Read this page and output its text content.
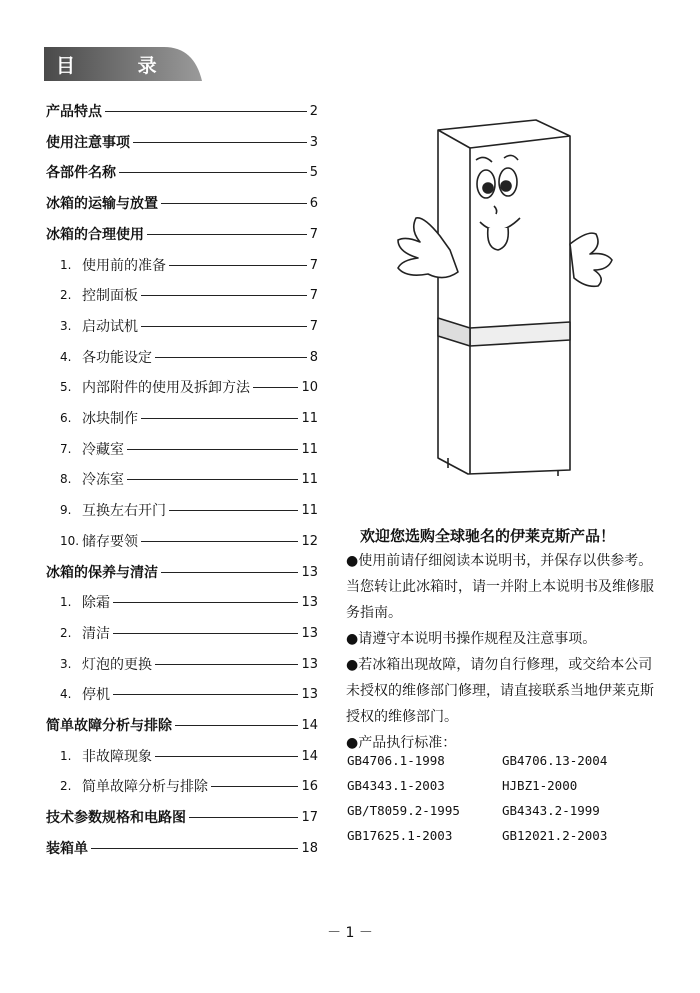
目 录
产品特点	2
使用注意事项	3
各部件名称	5
冰箱的运输与放置	6
冰箱的合理使用	7
1. 使用前的准备	7
2. 控制面板	7
3. 启动试机	7
4. 各功能设定	8
5. 内部附件的使用及拆卸方法	10
6. 冰块制作	11
7. 冷藏室	11
8. 冷冻室	11
9. 互换左右开门	11
10. 储存要领	12
冰箱的保养与清洁	13
1. 除霜	13
2. 清洁	13
3. 灯泡的更换	13
4. 停机	13
简单故障分析与排除	14
1. 非故障现象	14
2. 简单故障分析与排除	16
技术参数规格和电路图	17
装箱单	18
欢迎您选购全球驰名的伊莱克斯产品！
●使用前请仔细阅读本说明书，并保存以供参考。当您转让此冰箱时，请一并附上本说明书及维修服务指南。
●请遵守本说明书操作规程及注意事项。
●若冰箱出现故障，请勿自行修理，或交给本公司未授权的维修部门修理，请直接联系当地伊莱克斯授权的维修部门。
●产品执行标准：
GB4706.1-1998	GB4706.13-2004
GB4343.1-2003	HJBZ1-2000
GB/T8059.2-1995	GB4343.2-1999
GB17625.1-2003	GB12021.2-2003
－ 1 －
